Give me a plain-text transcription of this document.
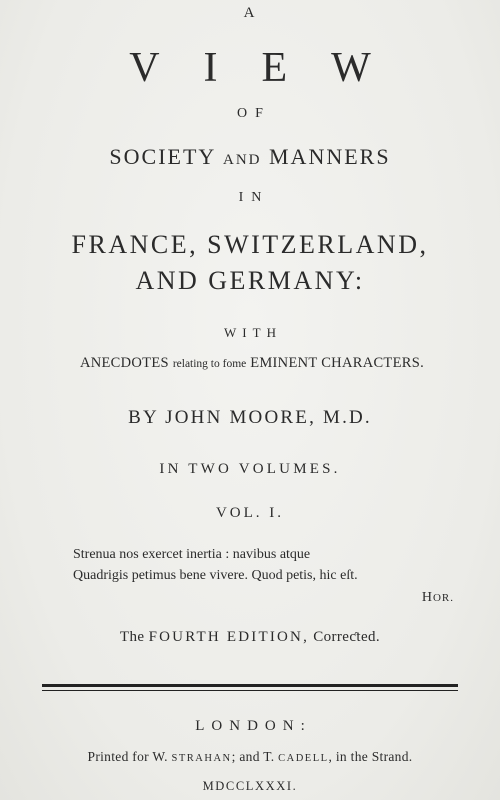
A
VIEW
OF
SOCIETY AND MANNERS
IN
FRANCE, SWITZERLAND,
AND GERMANY:
WITH
ANECDOTES relating to fome EMINENT CHARACTERS.
BY JOHN MOORE, M.D.
IN TWO VOLUMES.
VOL. I.
Strenua nos exercet inertia : navibus atque
Quadrigis petimus bene vivere. Quod petis, hic eſt.
HOR.
The FOURTH EDITION, Correƈted.
LONDON:
Printed for W. STRAHAN; and T. CADELL, in the Strand.
MDCCLXXXI.
